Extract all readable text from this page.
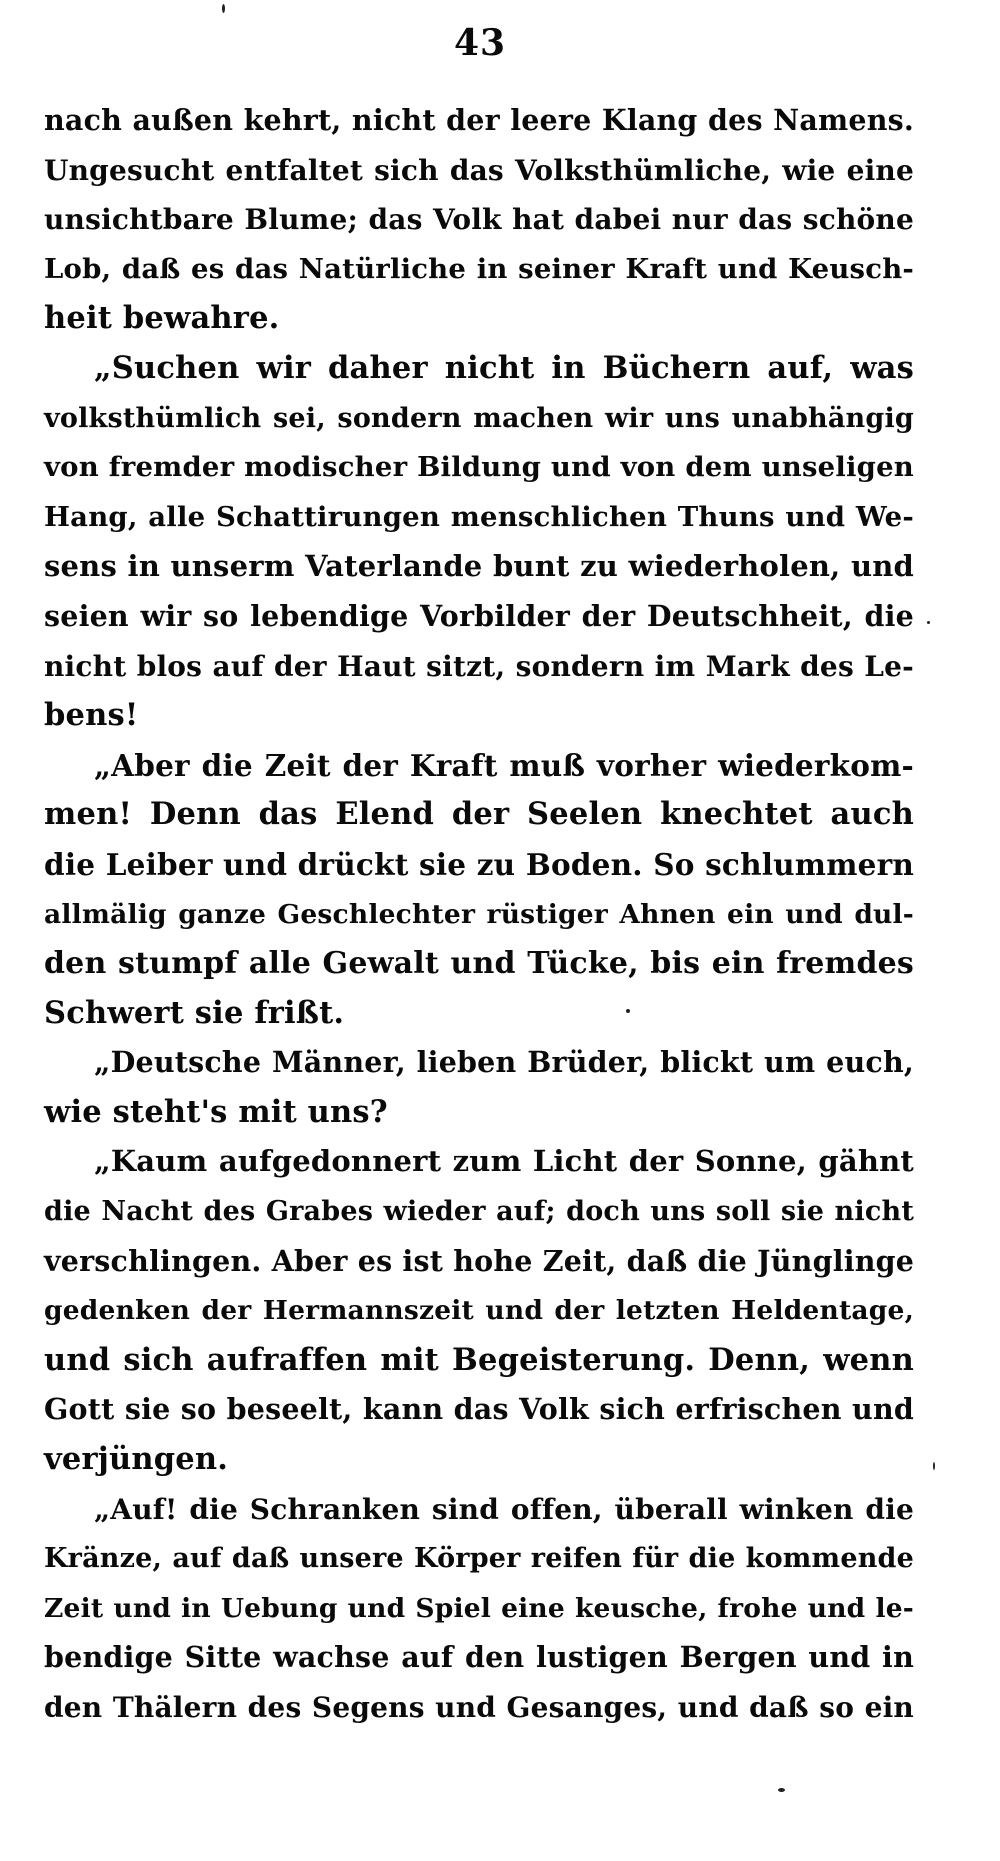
43
nach außen kehrt, nicht der leere Klang des Namens.
Ungesucht entfaltet sich das Volksthümliche, wie eine
unsichtbare Blume; das Volk hat dabei nur das schöne
Lob, daß es das Natürliche in seiner Kraft und Keusch-
heit bewahre.
„Suchen wir daher nicht in Büchern auf, was
volksthümlich sei, sondern machen wir uns unabhängig
von fremder modischer Bildung und von dem unseligen
Hang, alle Schattirungen menschlichen Thuns und We-
sens in unserm Vaterlande bunt zu wiederholen, und
seien wir so lebendige Vorbilder der Deutschheit, die
nicht blos auf der Haut sitzt, sondern im Mark des Le-
bens!
„Aber die Zeit der Kraft muß vorher wiederkom-
men! Denn das Elend der Seelen knechtet auch
die Leiber und drückt sie zu Boden. So schlummern
allmälig ganze Geschlechter rüstiger Ahnen ein und dul-
den stumpf alle Gewalt und Tücke, bis ein fremdes
Schwert sie frißt.
„Deutsche Männer, lieben Brüder, blickt um euch,
wie steht's mit uns?
„Kaum aufgedonnert zum Licht der Sonne, gähnt
die Nacht des Grabes wieder auf; doch uns soll sie nicht
verschlingen. Aber es ist hohe Zeit, daß die Jünglinge
gedenken der Hermannszeit und der letzten Heldentage,
und sich aufraffen mit Begeisterung. Denn, wenn
Gott sie so beseelt, kann das Volk sich erfrischen und
verjüngen.
„Auf! die Schranken sind offen, überall winken die
Kränze, auf daß unsere Körper reifen für die kommende
Zeit und in Uebung und Spiel eine keusche, frohe und le-
bendige Sitte wachse auf den lustigen Bergen und in
den Thälern des Segens und Gesanges, und daß so ein
